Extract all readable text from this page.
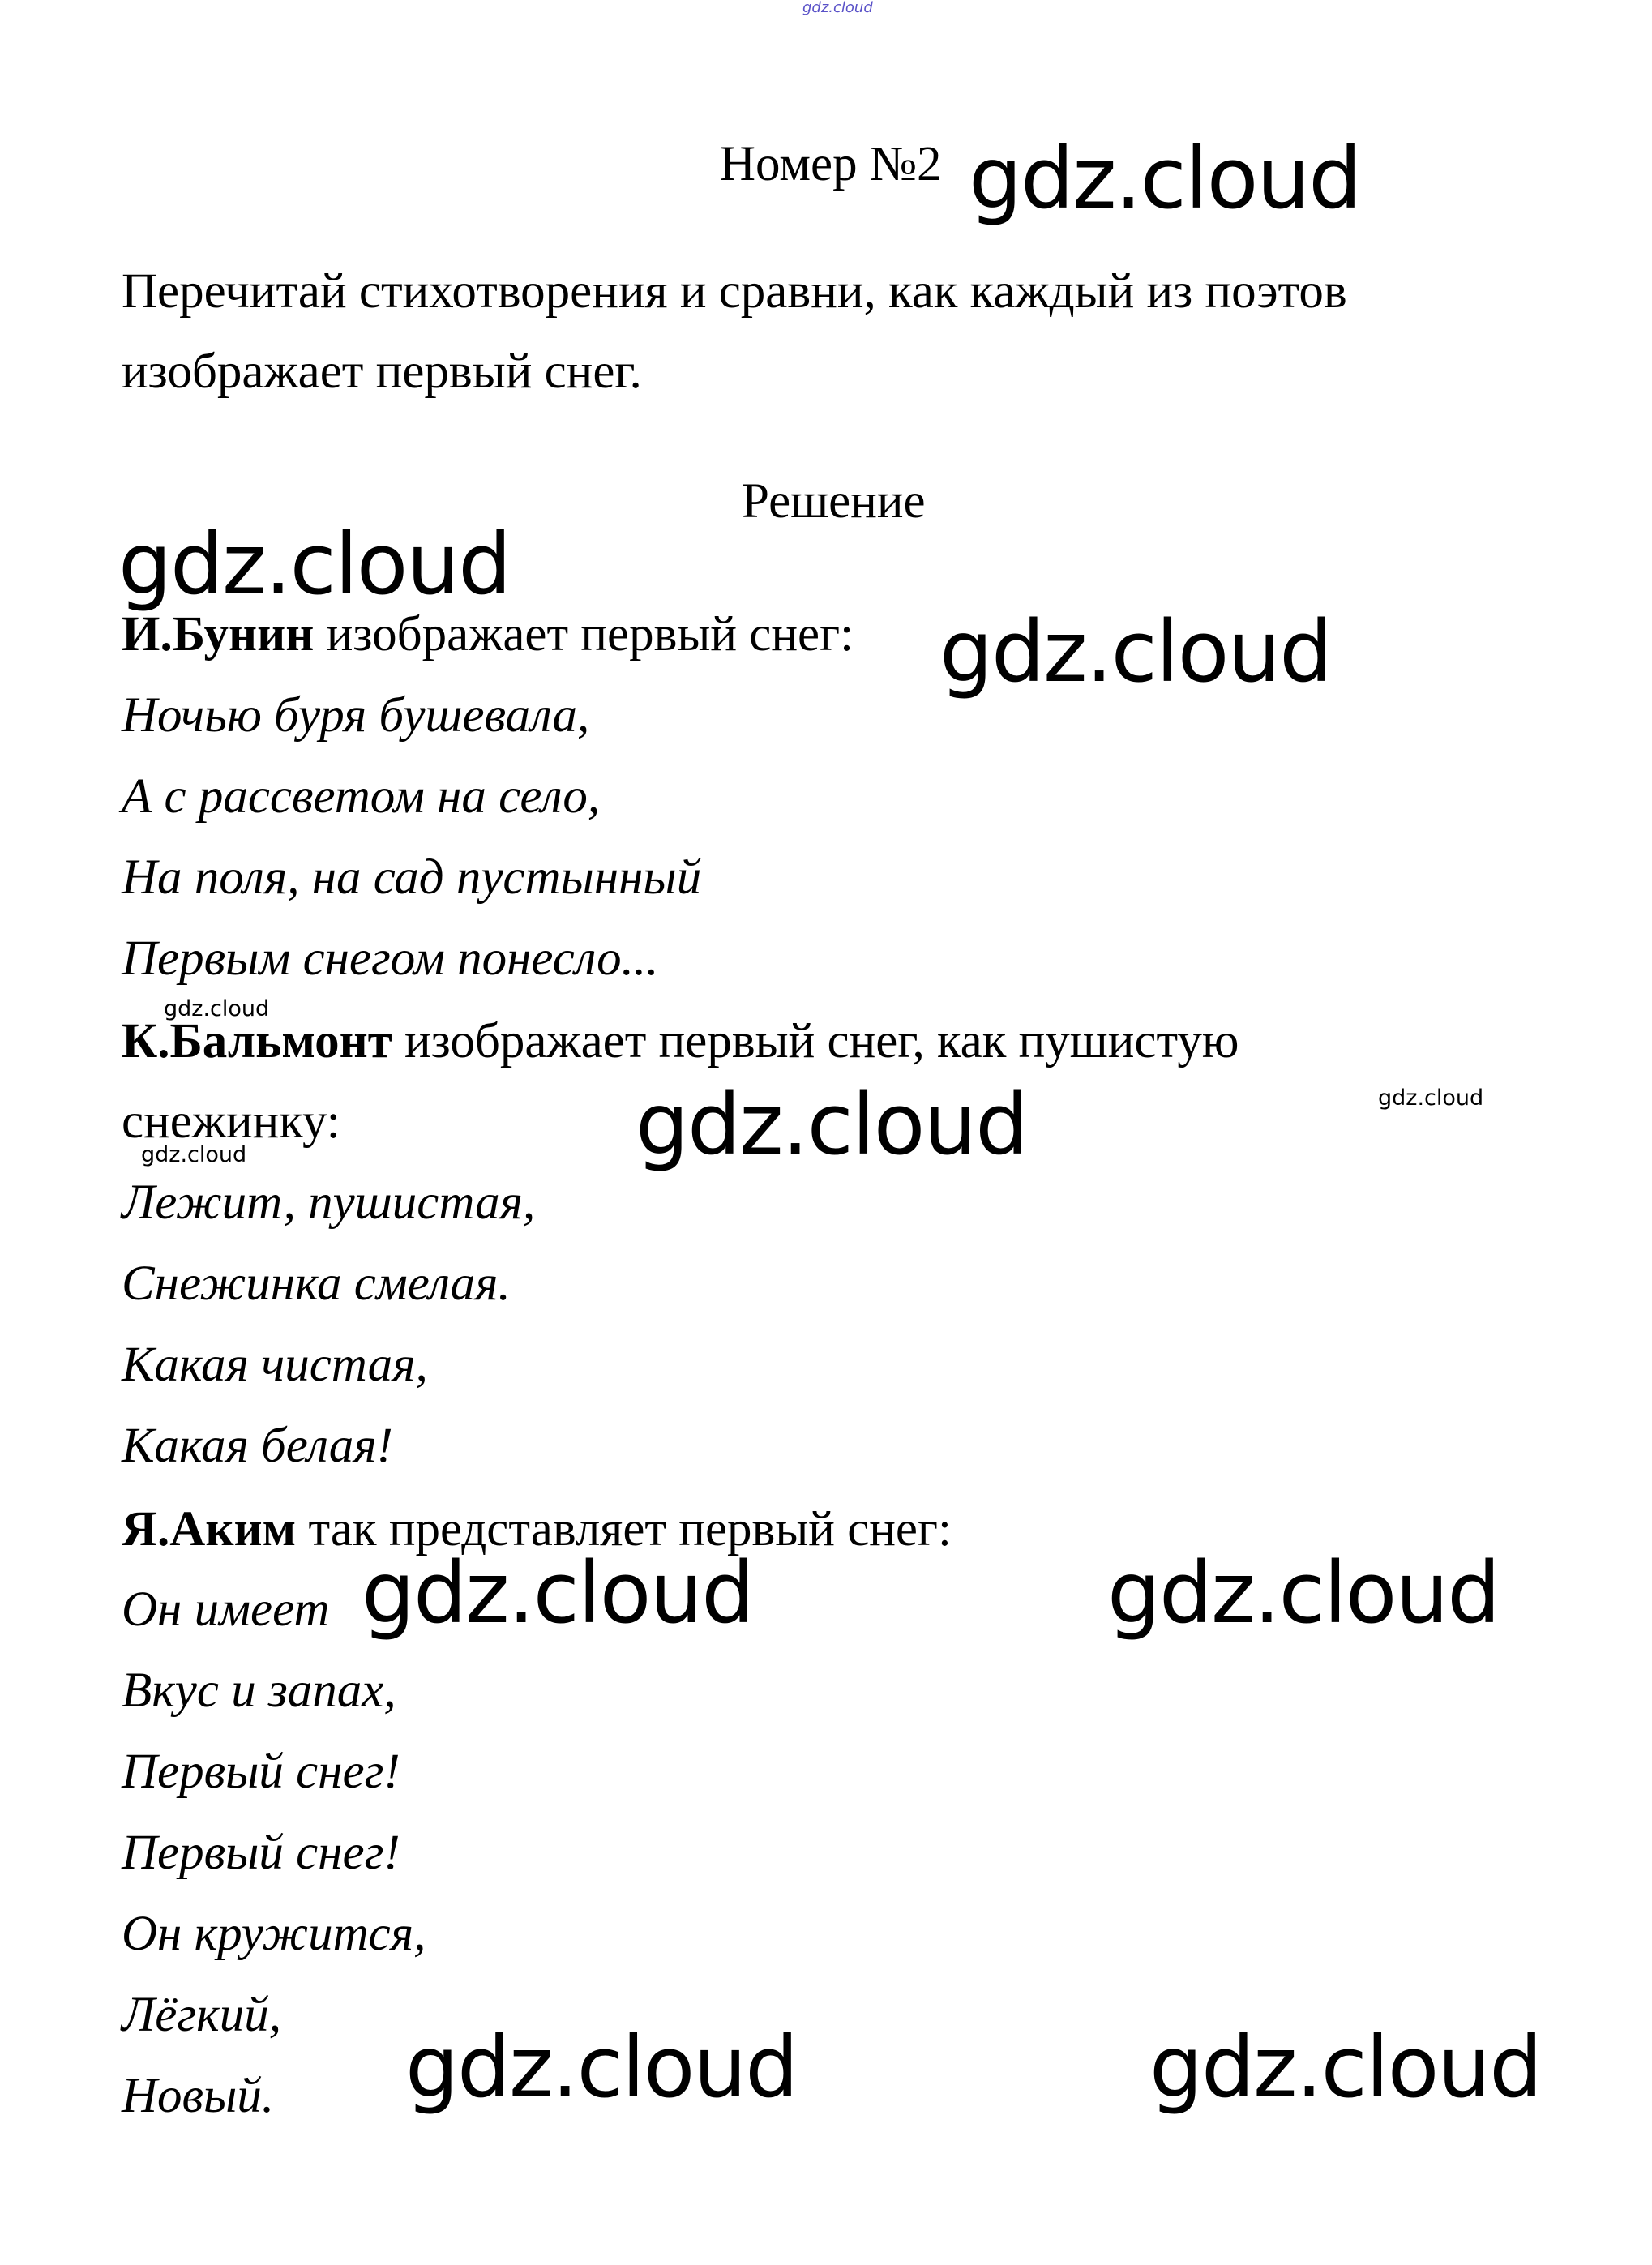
Номер №2
Перечитай стихотворения и сравни, как каждый из поэтов
изображает первый снег.
Решение
И.Бунин изображает первый снег:
Ночью буря бушевала,
А с рассветом на село,
На поля, на сад пустынный
Первым снегом понесло...
К.Бальмонт изображает первый снег, как пушистую
снежинку:
Лежит, пушистая,
Снежинка смелая.
Какая чистая,
Какая белая!
Я.Аким так представляет первый снег:
Он имеет
Вкус и запах,
Первый снег!
Первый снег!
Он кружится,
Лёгкий,
Новый.
gdz.cloud
gdz.cloud
gdz.cloud
gdz.cloud
gdz.cloud
gdz.cloud
gdz.cloud
gdz.cloud
gdz.cloud	gdz.cloud
gdz.cloud	gdz.cloud
